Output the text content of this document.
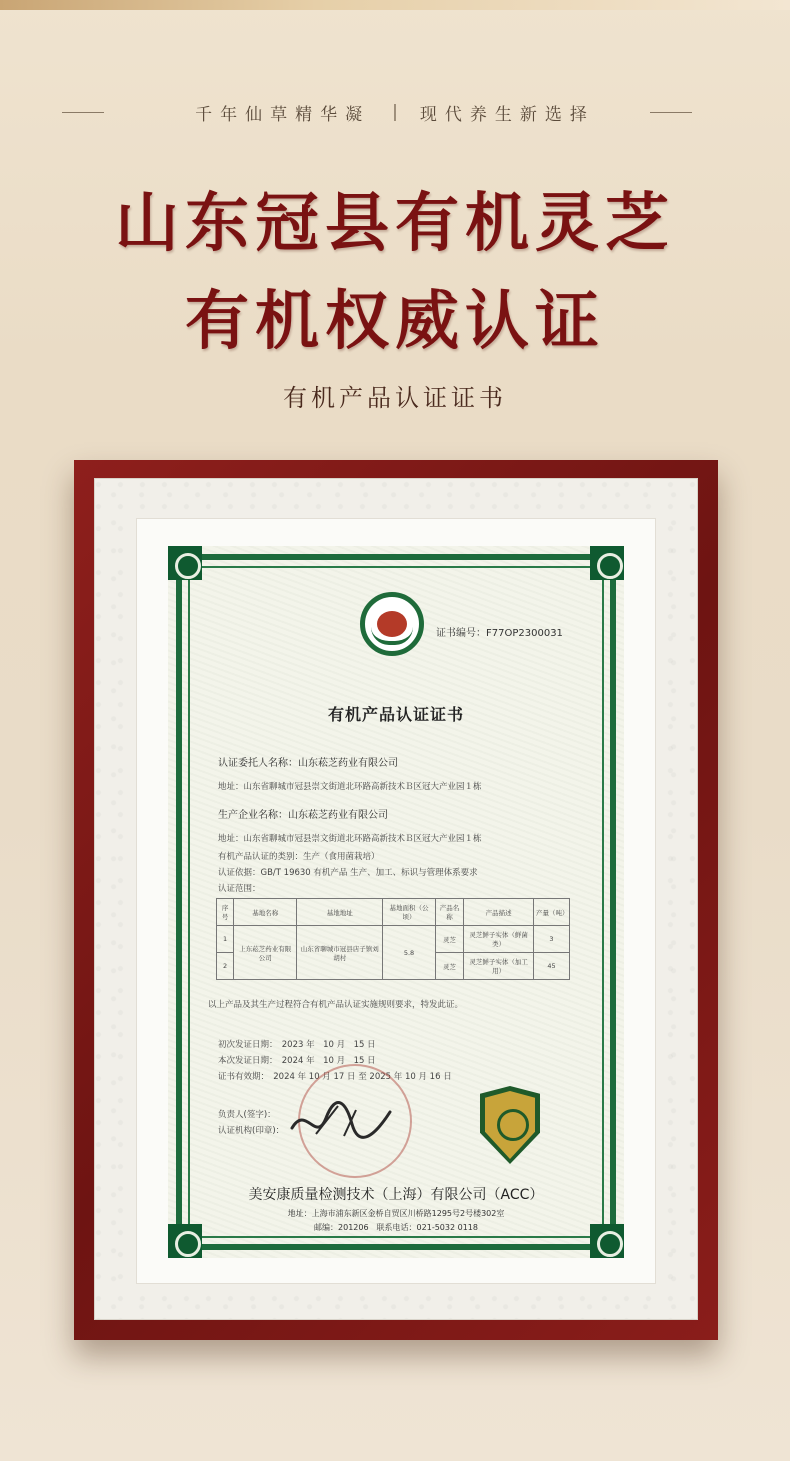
千年仙草精华凝 | 现代养生新选择
山东冠县有机灵芝
有机权威认证
有机产品认证证书
证书编号：F77OP2300031
有机产品认证证书
认证委托人名称：山东菘芝药业有限公司
地址：山东省聊城市冠县崇文街道北环路高新技术Ｂ区冠大产业园１栋
生产企业名称：山东菘芝药业有限公司
地址：山东省聊城市冠县崇文街道北环路高新技术Ｂ区冠大产业园１栋
有机产品认证的类别：生产（食用菌栽培）
认证依据：GB/T 19630 有机产品 生产、加工、标识与管理体系要求
认证范围：
序号	基地名称	基地地址	基地面积（公顷）	产品名称	产品描述	产量（吨）
1	上东菘芝药业有限公司	山东省聊城市冠县店子镇刘胡村	5.8	灵芝	灵芝鲜子实体（鲜菌类）	3
2				灵芝	灵芝鲜子实体（加工用）	45
以上产品及其生产过程符合有机产品认证实施规则要求，特发此证。
初次发证日期：　2023 年　10 月　15 日
本次发证日期：　2024 年　10 月　15 日
证书有效期：　2024 年 10 月 17 日 至 2025 年 10 月 16 日
负责人(签字)：
认证机构(印章)：
美安康质量检测技术（上海）有限公司（ACC）
地址：上海市浦东新区金桥自贸区川桥路1295号2号楼302室
邮编：201206　联系电话：021-5032 0118
